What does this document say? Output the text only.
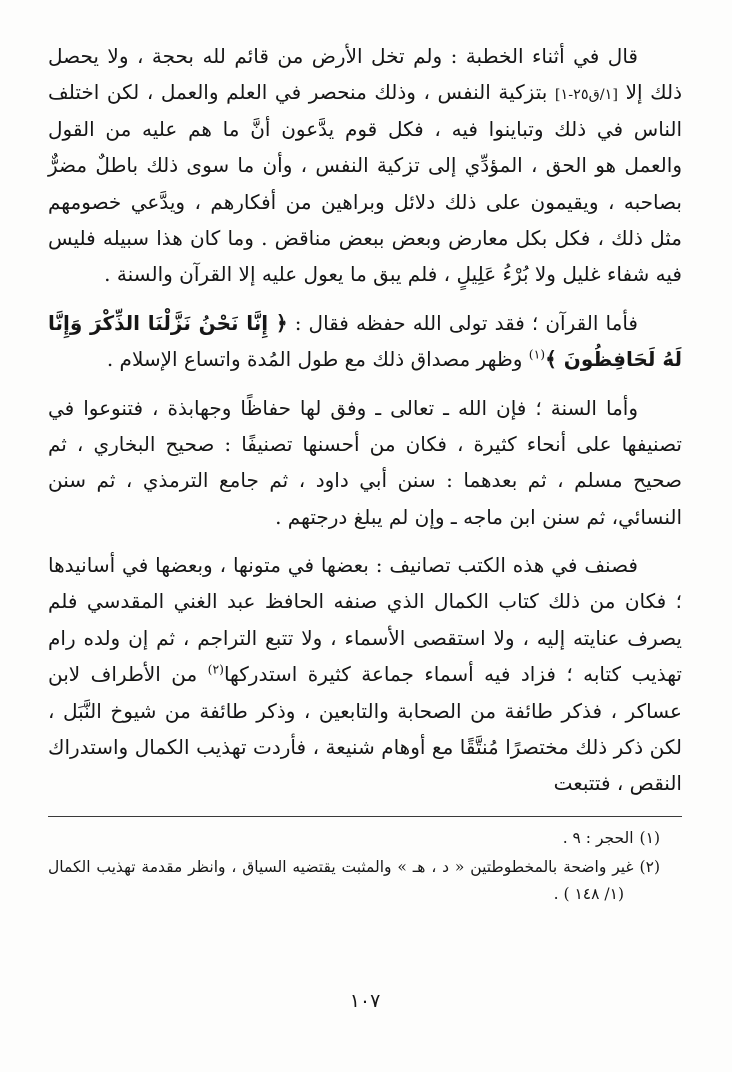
قال في أثناء الخطبة : ولم تخل الأرض من قائم لله بحجة ، ولا يحصل ذلك إلا [١/ق٢٥-١] بتزكية النفس ، وذلك منحصر في العلم والعمل ، لكن اختلف الناس في ذلك وتباينوا فيه ، فكل قوم يدَّعون أنَّ ما هم عليه من القول والعمل هو الحق ، المؤدِّي إلى تزكية النفس ، وأن ما سوى ذلك باطلٌ مضرٌّ بصاحبه ، ويقيمون على ذلك دلائل وبراهين من أفكارهم ، ويدَّعي خصومهم مثل ذلك ، فكل بكل معارض وبعض ببعض مناقض . وما كان هذا سبيله فليس فيه شفاء غليل ولا بُرْءُ عَلِيلٍ ، فلم يبق ما يعول عليه إلا القرآن والسنة .

فأما القرآن ؛ فقد تولى الله حفظه فقال : ﴿ إِنَّا نَحْنُ نَزَّلْنَا الذِّكْرَ وَإِنَّا لَهُ لَحَافِظُونَ ﴾$^{(١)}$ وظهر مصداق ذلك مع طول المُدة واتساع الإسلام .

وأما السنة ؛ فإن الله ـ تعالى ـ وفق لها حفاظًا وجهابذة ، فتنوعوا في تصنيفها على أنحاء كثيرة ، فكان من أحسنها تصنيفًا : صحيح البخاري ، ثم صحيح مسلم ، ثم بعدهما : سنن أبي داود ، ثم جامع الترمذي ، ثم سنن النسائي، ثم سنن ابن ماجه ـ وإن لم يبلغ درجتهم .

فصنف في هذه الكتب تصانيف : بعضها في متونها ، وبعضها في أسانيدها ؛ فكان من ذلك كتاب الكمال الذي صنفه الحافظ عبد الغني المقدسي فلم يصرف عنايته إليه ، ولا استقصى الأسماء ، ولا تتبع التراجم ، ثم إن ولده رام تهذيب كتابه ؛ فزاد فيه أسماء جماعة كثيرة استدركها$^{(٢)}$ من الأطراف لابن عساكر ، فذكر طائفة من الصحابة والتابعين ، وذكر طائفة من شيوخ النَّبَل ، لكن ذكر ذلك مختصرًا مُنتَّقًا مع أوهام شنيعة ، فأردت تهذيب الكمال واستدراك النقص ، فتتبعت

(١)الحجر : ٩ .

(٢)غير واضحة بالمخطوطتين « د ، هـ » والمثبت يقتضيه السياق ، وانظر مقدمة تهذيب الكمال (١/ ١٤٨ ) .

١٠٧
